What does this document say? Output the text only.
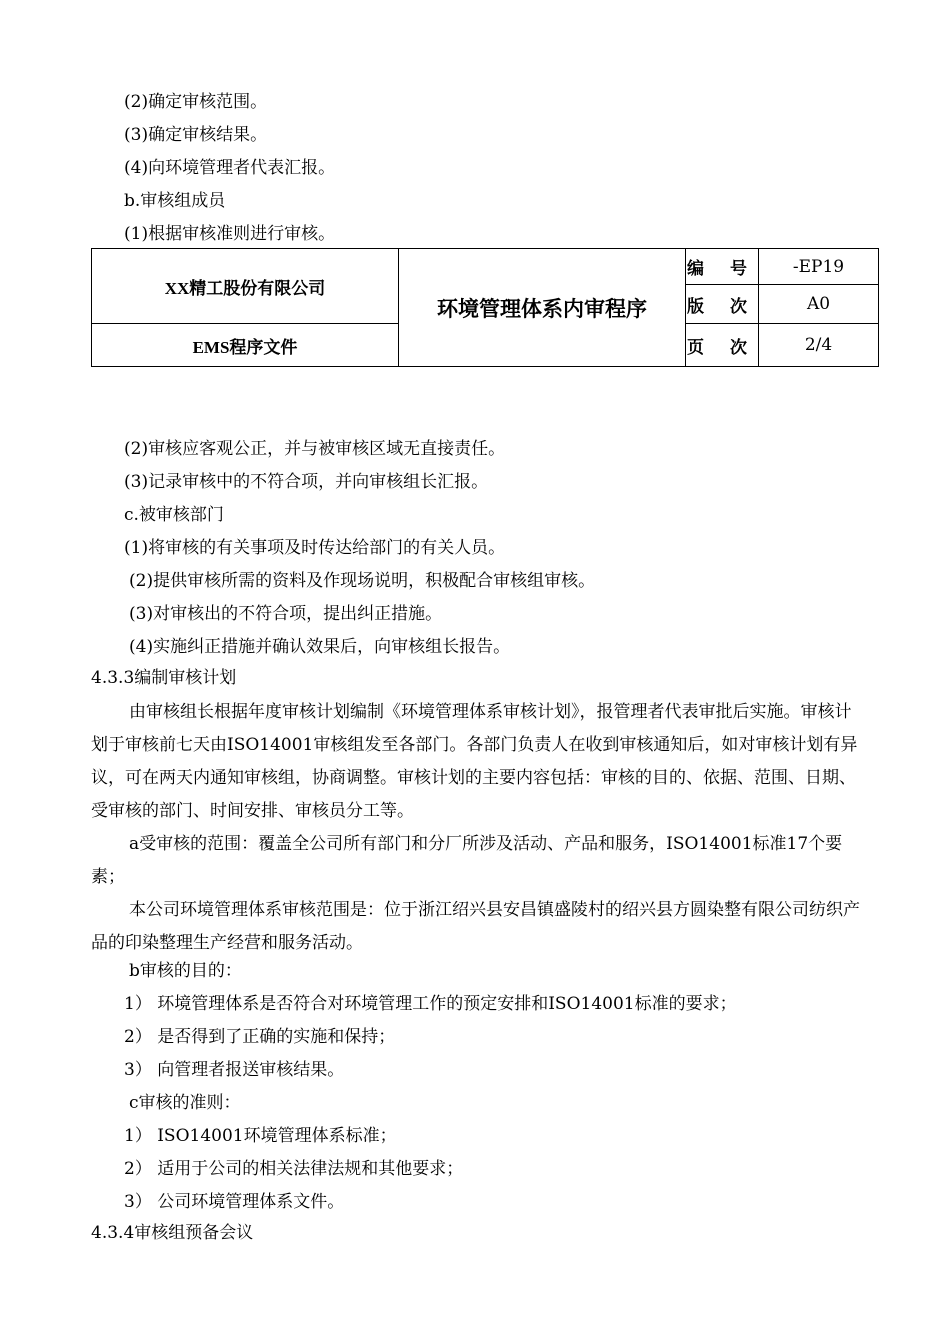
(2)确定审核范围。
(3)确定审核结果。
(4)向环境管理者代表汇报。
b.审核组成员
(1)根据审核准则进行审核。
XX精工股份有限公司	环境管理体系内审程序	编 号	-EP19
		版 次	A0
EMS程序文件		页 次	2/4
(2)审核应客观公正，并与被审核区域无直接责任。
(3)记录审核中的不符合项，并向审核组长汇报。
c.被审核部门
(1)将审核的有关事项及时传达给部门的有关人员。
(2)提供审核所需的资料及作现场说明，积极配合审核组审核。
(3)对审核出的不符合项，提出纠正措施。
(4)实施纠正措施并确认效果后，向审核组长报告。
4.3.3编制审核计划

由审核组长根据年度审核计划编制《环境管理体系审核计划》，报管理者代表审批后实施。审核计划于审核前七天由ISO14001审核组发至各部门。各部门负责人在收到审核通知后，如对审核计划有异议，可在两天内通知审核组，协商调整。审核计划的主要内容包括：审核的目的、依据、范围、日期、受审核的部门、时间安排、审核员分工等。

a受审核的范围：覆盖全公司所有部门和分厂所涉及活动、产品和服务，ISO14001标准17个要素；

本公司环境管理体系审核范围是：位于浙江绍兴县安昌镇盛陵村的绍兴县方圆染整有限公司纺织产品的印染整理生产经营和服务活动。

b审核的目的：
1） 环境管理体系是否符合对环境管理工作的预定安排和ISO14001标准的要求；
2） 是否得到了正确的实施和保持；
3） 向管理者报送审核结果。
c审核的准则：
1） ISO14001环境管理体系标准；
2） 适用于公司的相关法律法规和其他要求；
3） 公司环境管理体系文件。
4.3.4审核组预备会议
